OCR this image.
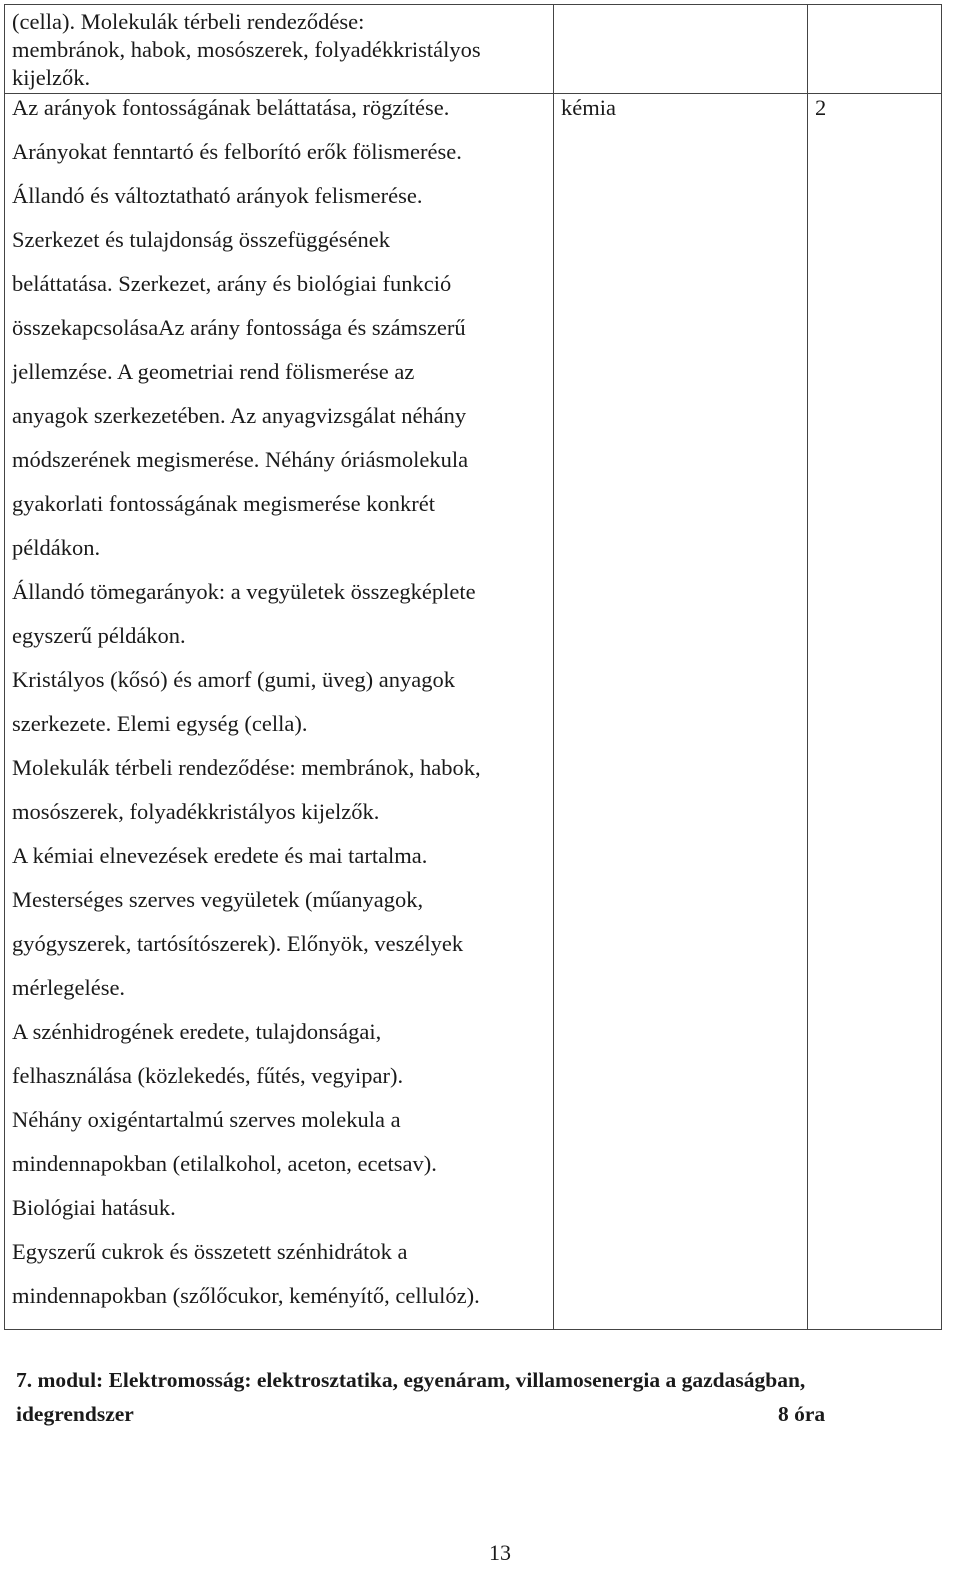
(cella). Molekulák térbeli rendeződése:
membránok, habok, mosószerek, folyadékkristályos
kijelzők.
Az arányok fontosságának beláttatása, rögzítése.
Arányokat fenntartó és felborító erők fölismerése.
Állandó és változtatható arányok felismerése.
Szerkezet és tulajdonság összefüggésének
beláttatása. Szerkezet, arány és biológiai funkció
összekapcsolásaAz arány fontossága és számszerű
jellemzése. A geometriai rend fölismerése az
anyagok szerkezetében. Az anyagvizsgálat néhány
módszerének megismerése. Néhány óriásmolekula
gyakorlati fontosságának megismerése konkrét
példákon.
Állandó tömegarányok: a vegyületek összegképlete
egyszerű példákon.
Kristályos (kősó) és amorf (gumi, üveg) anyagok
szerkezete. Elemi egység (cella).
Molekulák térbeli rendeződése: membránok, habok,
mosószerek, folyadékkristályos kijelzők.
A kémiai elnevezések eredete és mai tartalma.
Mesterséges szerves vegyületek (műanyagok,
gyógyszerek, tartósítószerek). Előnyök, veszélyek
mérlegelése.
A szénhidrogének eredete, tulajdonságai,
felhasználása (közlekedés, fűtés, vegyipar).
Néhány oxigéntartalmú szerves molekula a
mindennapokban (etilalkohol, aceton, ecetsav).
Biológiai hatásuk.
Egyszerű cukrok és összetett szénhidrátok a
mindennapokban (szőlőcukor, keményítő, cellulóz).
kémia	2
7. modul: Elektromosság: elektrosztatika, egyenáram, villamosenergia a gazdaságban,
idegrendszer	8 óra
13
